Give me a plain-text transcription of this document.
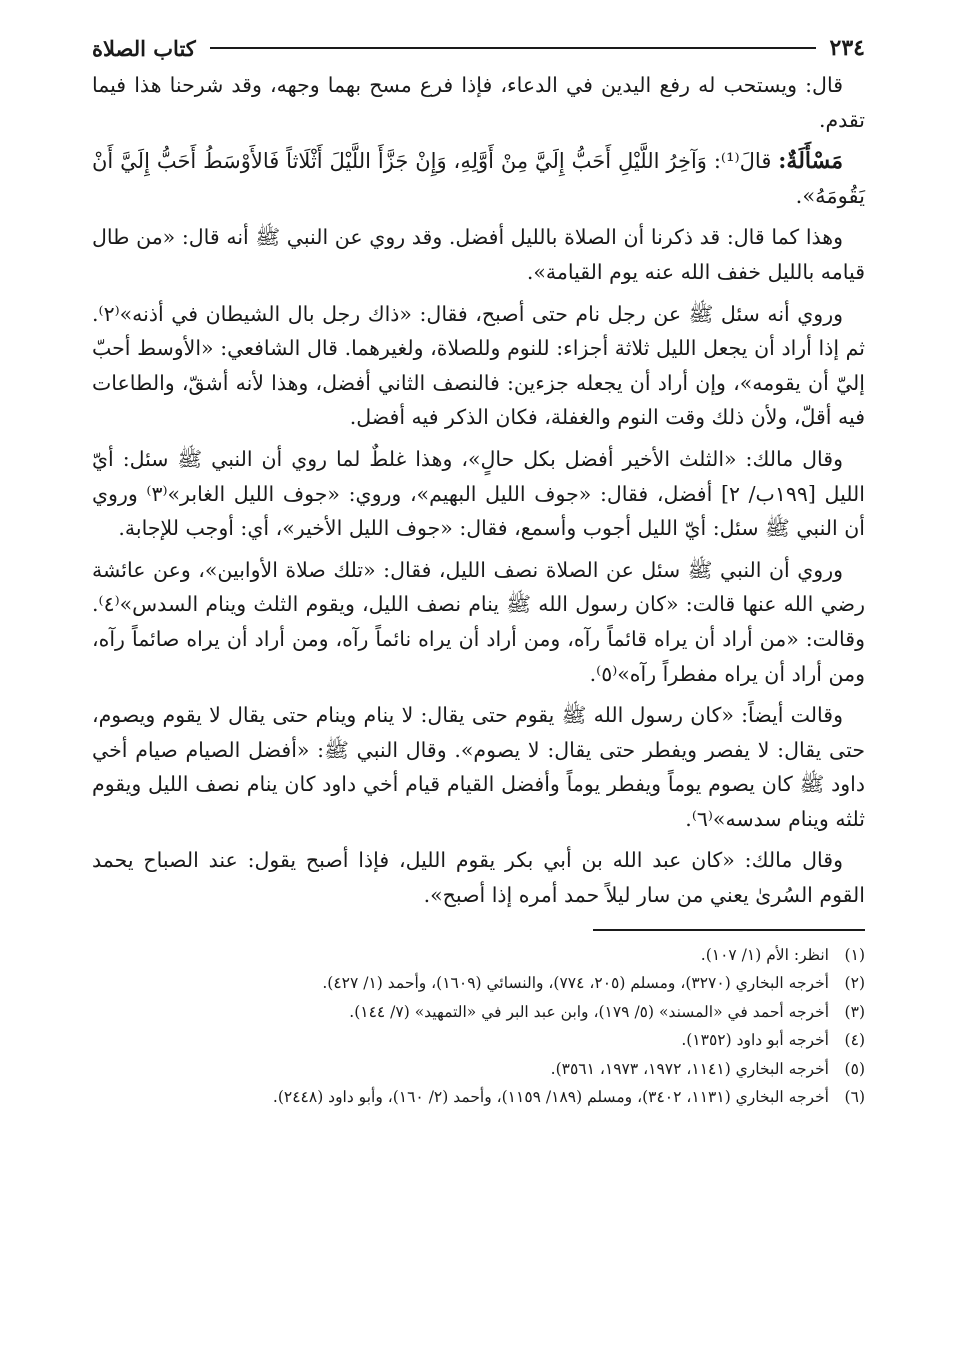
٢٣٤
كتاب الصلاة

قال: ويستحب له رفع اليدين في الدعاء، فإذا فرع مسح بهما وجهه، وقد شرحنا هذا فيما تقدم.

مَسْأَلَةٌ: قالَ⁽¹⁾: وَآخِرُ اللَّيْلِ أَحَبُّ إِلَيَّ مِنْ أَوَّلِهِ، وَإِنْ جَزَّأَ اللَّيْلَ أَثْلَاثاً فَالأَوْسَطُ أَحَبُّ إِلَيَّ أَنْ يَقُومَهُ».

وهذا كما قال: قد ذكرنا أن الصلاة بالليل أفضل. وقد روي عن النبي ﷺ أنه قال: «من طال قيامه بالليل خفف الله عنه يوم القيامة».

وروي أنه سئل ﷺ عن رجل نام حتى أصبح، فقال: «ذاك رجل بال الشيطان في أذنه»⁽٢⁾. ثم إذا أراد أن يجعل الليل ثلاثة أجزاء: للنوم وللصلاة، ولغيرهما. قال الشافعي: «الأوسط أحبّ إليّ أن يقومه»، وإن أراد أن يجعله جزءين: فالنصف الثاني أفضل، وهذا لأنه أشقّ، والطاعات فيه أقلّ، ولأن ذلك وقت النوم والغفلة، فكان الذكر فيه أفضل.

وقال مالك: «الثلث الأخير أفضل بكل حالٍ»، وهذا غلطٌ لما روي أن النبي ﷺ سئل: أيّ الليل [١٩٩ب/ ٢] أفضل، فقال: «جوف الليل البهيم»، وروي: «جوف الليل الغابر»⁽٣⁾ وروي أن النبي ﷺ سئل: أيّ الليل أجوب وأسمع، فقال: «جوف الليل الأخير»، أي: أوجب للإجابة.

وروي أن النبي ﷺ سئل عن الصلاة نصف الليل، فقال: «تلك صلاة الأوابين»، وعن عائشة رضي الله عنها قالت: «كان رسول الله ﷺ ينام نصف الليل، ويقوم الثلث وينام السدس»⁽٤⁾. وقالت: «من أراد أن يراه قائماً رآه، ومن أراد أن يراه نائماً رآه، ومن أراد أن يراه صائماً رآه، ومن أراد أن يراه مفطراً رآه»⁽٥⁾.

وقالت أيضاً: «كان رسول الله ﷺ يقوم حتى يقال: لا ينام وينام حتى يقال لا يقوم ويصوم، حتى يقال: لا يفصر ويفطر حتى يقال: لا يصوم». وقال النبي ﷺ: «أفضل الصيام صيام أخي داود ﷺ كان يصوم يوماً ويفطر يوماً وأفضل القيام قيام أخي داود كان ينام نصف الليل ويقوم ثلثه وينام سدسه»⁽٦⁾.

وقال مالك: «كان عبد الله بن أبي بكر يقوم الليل، فإذا أصبح يقول: عند الصباح يحمد القوم السُرىٰ يعني من سار ليلاً حمد أمره إذا أصبح».

(١)
انظر: الأم (١/ ١٠٧).
(٢)
أخرجه البخاري (٣٢٧٠)، ومسلم (٢٠٥، ٧٧٤)، والنسائي (١٦٠٩)، وأحمد (١/ ٤٢٧).
(٣)
أخرجه أحمد في «المسند» (٥/ ١٧٩)، وابن عبد البر في «التمهيد» (٧/ ١٤٤).
(٤)
أخرجه أبو داود (١٣٥٢).
(٥)
أخرجه البخاري (١١٤١، ١٩٧٢، ١٩٧٣، ٣٥٦١).
(٦)
أخرجه البخاري (١١٣١، ٣٤٠٢)، ومسلم (١٨٩/ ١١٥٩)، وأحمد (٢/ ١٦٠)، وأبو داود (٢٤٤٨).
